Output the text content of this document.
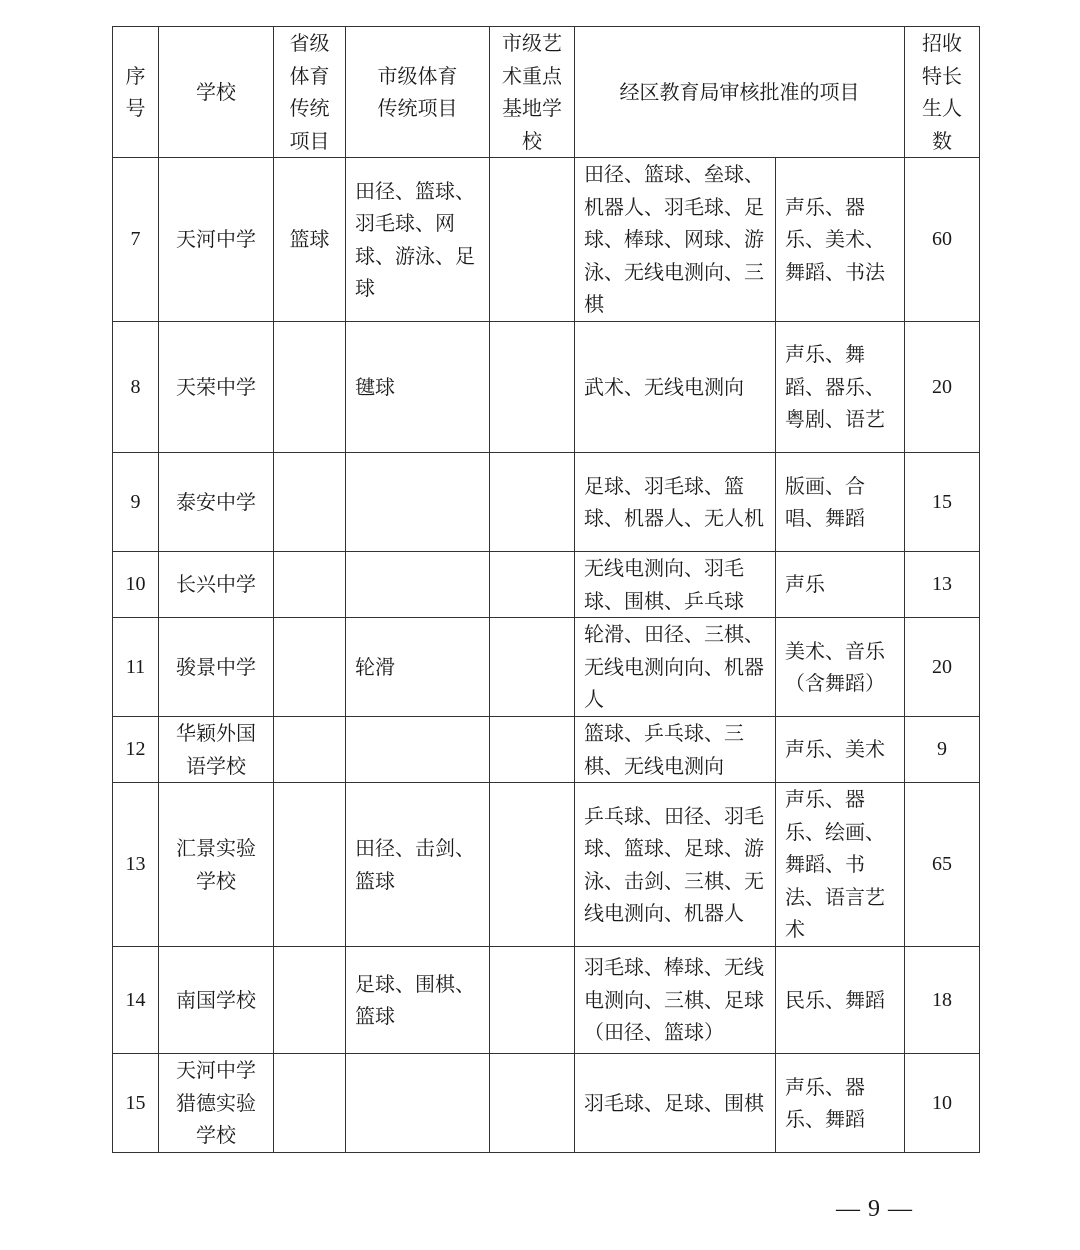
序号	学校	省级体育传统项目	市级体育传统项目	市级艺术重点基地学校	经区教育局审核批准的项目		招收特长生人数
7	天河中学	篮球	田径、篮球、羽毛球、网球、游泳、足球		田径、篮球、垒球、机器人、羽毛球、足球、棒球、网球、游泳、无线电测向、三棋	声乐、器乐、美术、舞蹈、书法	60
8	天荣中学		毽球		武术、无线电测向	声乐、舞蹈、器乐、粤剧、语艺	20
9	泰安中学				足球、羽毛球、篮球、机器人、无人机	版画、合唱、舞蹈	15
10	长兴中学				无线电测向、羽毛球、围棋、乒乓球	声乐	13
11	骏景中学		轮滑		轮滑、田径、三棋、无线电测向向、机器人	美术、音乐（含舞蹈）	20
12	华颖外国语学校				篮球、乒乓球、三棋、无线电测向	声乐、美术	9
13	汇景实验学校		田径、击剑、篮球		乒乓球、田径、羽毛球、篮球、足球、游泳、击剑、三棋、无线电测向、机器人	声乐、器乐、绘画、舞蹈、书法、语言艺术	65
14	南国学校		足球、围棋、篮球		羽毛球、棒球、无线电测向、三棋、足球（田径、篮球）	民乐、舞蹈	18
15	天河中学猎德实验学校				羽毛球、足球、围棋	声乐、器乐、舞蹈	10
— 9 —
